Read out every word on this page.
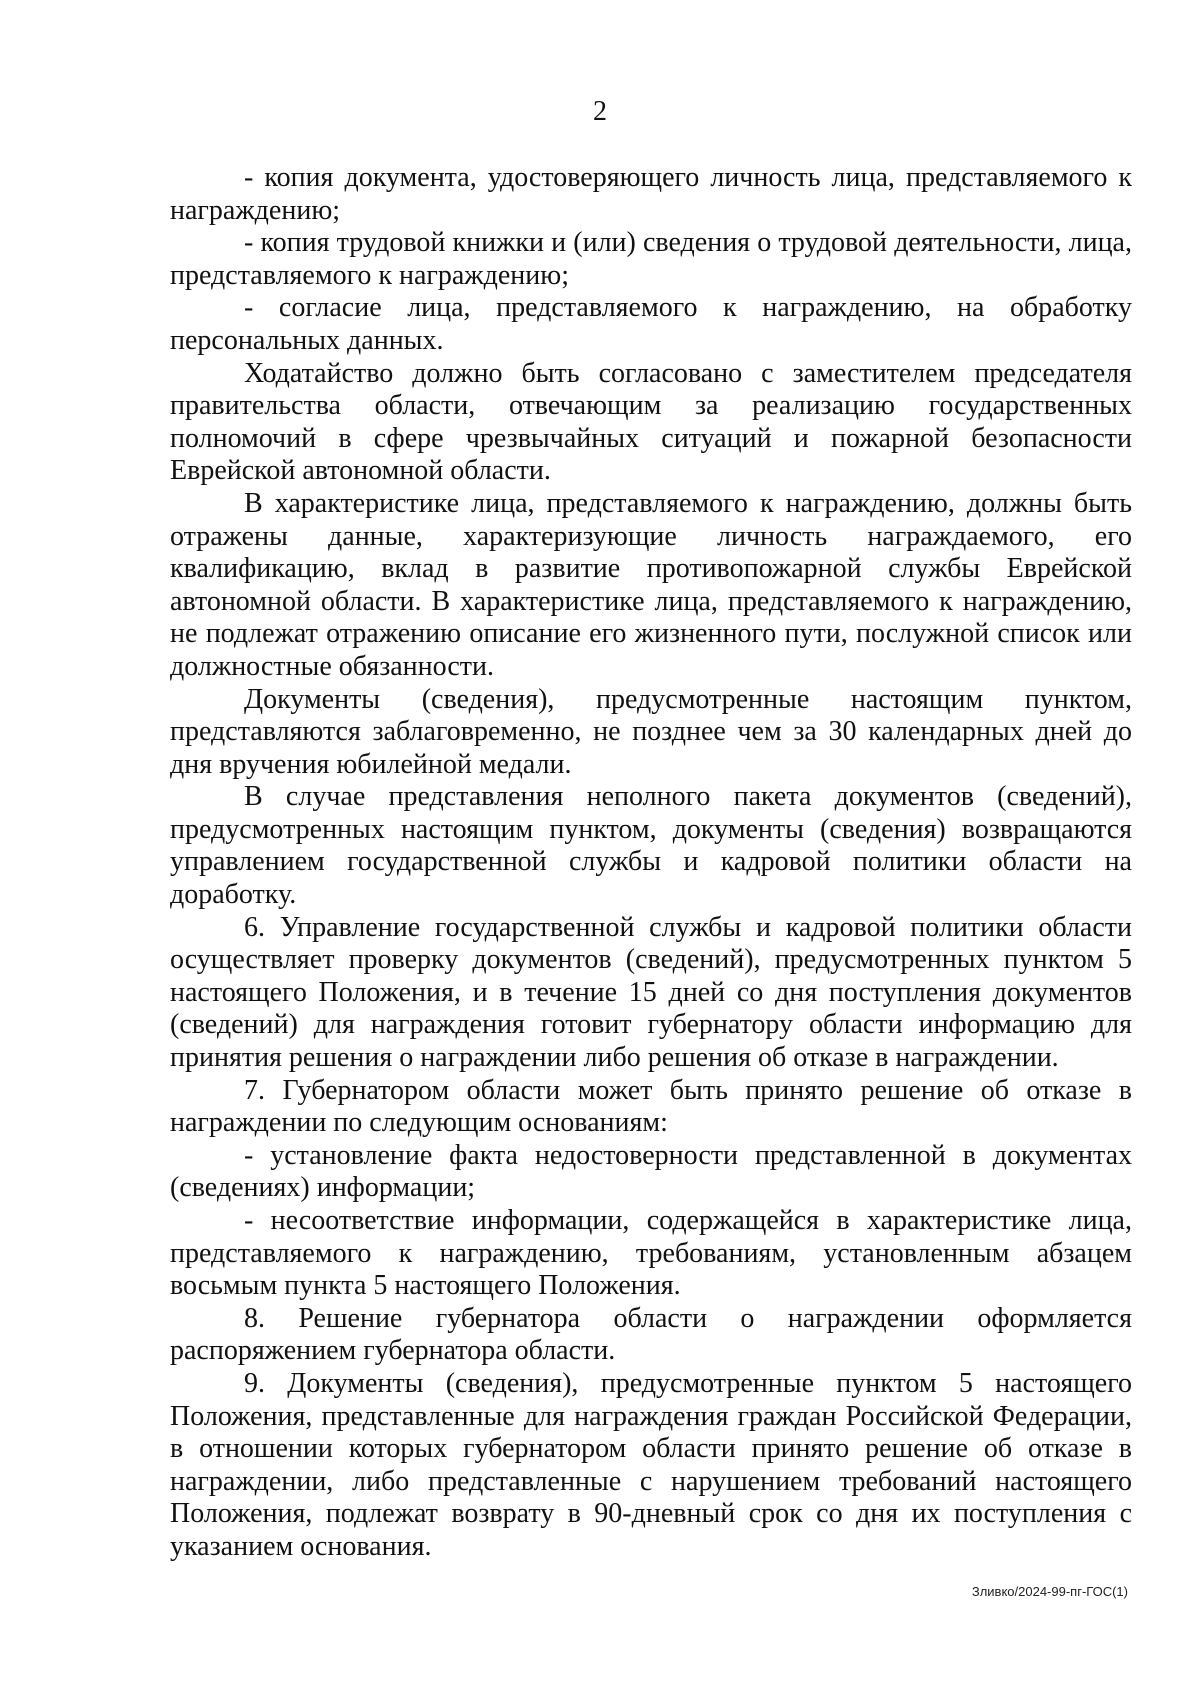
2

- копия документа, удостоверяющего личность лица, представляемого к награждению;

- копия трудовой книжки и (или) сведения о трудовой деятельности, лица, представляемого к награждению;

- согласие лица, представляемого к награждению, на обработку персональных данных.

Ходатайство должно быть согласовано с заместителем председателя правительства области, отвечающим за реализацию государственных полномочий в сфере чрезвычайных ситуаций и пожарной безопасности Еврейской автономной области.

В характеристике лица, представляемого к награждению, должны быть отражены данные, характеризующие личность награждаемого, его квалификацию, вклад в развитие противопожарной службы Еврейской автономной области. В характеристике лица, представляемого к награждению, не подлежат отражению описание его жизненного пути, послужной список или должностные обязанности.

Документы (сведения), предусмотренные настоящим пунктом, представляются заблаговременно, не позднее чем за 30 календарных дней до дня вручения юбилейной медали.

В случае представления неполного пакета документов (сведений), предусмотренных настоящим пунктом, документы (сведения) возвращаются управлением государственной службы и кадровой политики области на доработку.

6. Управление государственной службы и кадровой политики области осуществляет проверку документов (сведений), предусмотренных пунктом 5 настоящего Положения, и в течение 15 дней со дня поступления документов (сведений) для награждения готовит губернатору области информацию для принятия решения о награждении либо решения об отказе в награждении.

7. Губернатором области может быть принято решение об отказе в награждении по следующим основаниям:

- установление факта недостоверности представленной в документах (сведениях) информации;

- несоответствие информации, содержащейся в характеристике лица, представляемого к награждению, требованиям, установленным абзацем восьмым пункта 5 настоящего Положения.

8. Решение губернатора области о награждении оформляется распоряжением губернатора области.

9. Документы (сведения), предусмотренные пунктом 5 настоящего Положения, представленные для награждения граждан Российской Федерации, в отношении которых губернатором области принято решение об отказе в награждении, либо представленные с нарушением требований настоящего Положения, подлежат возврату в 90-дневный срок со дня их поступления с указанием основания.

Зливко/2024-99-пг-ГОС(1)
